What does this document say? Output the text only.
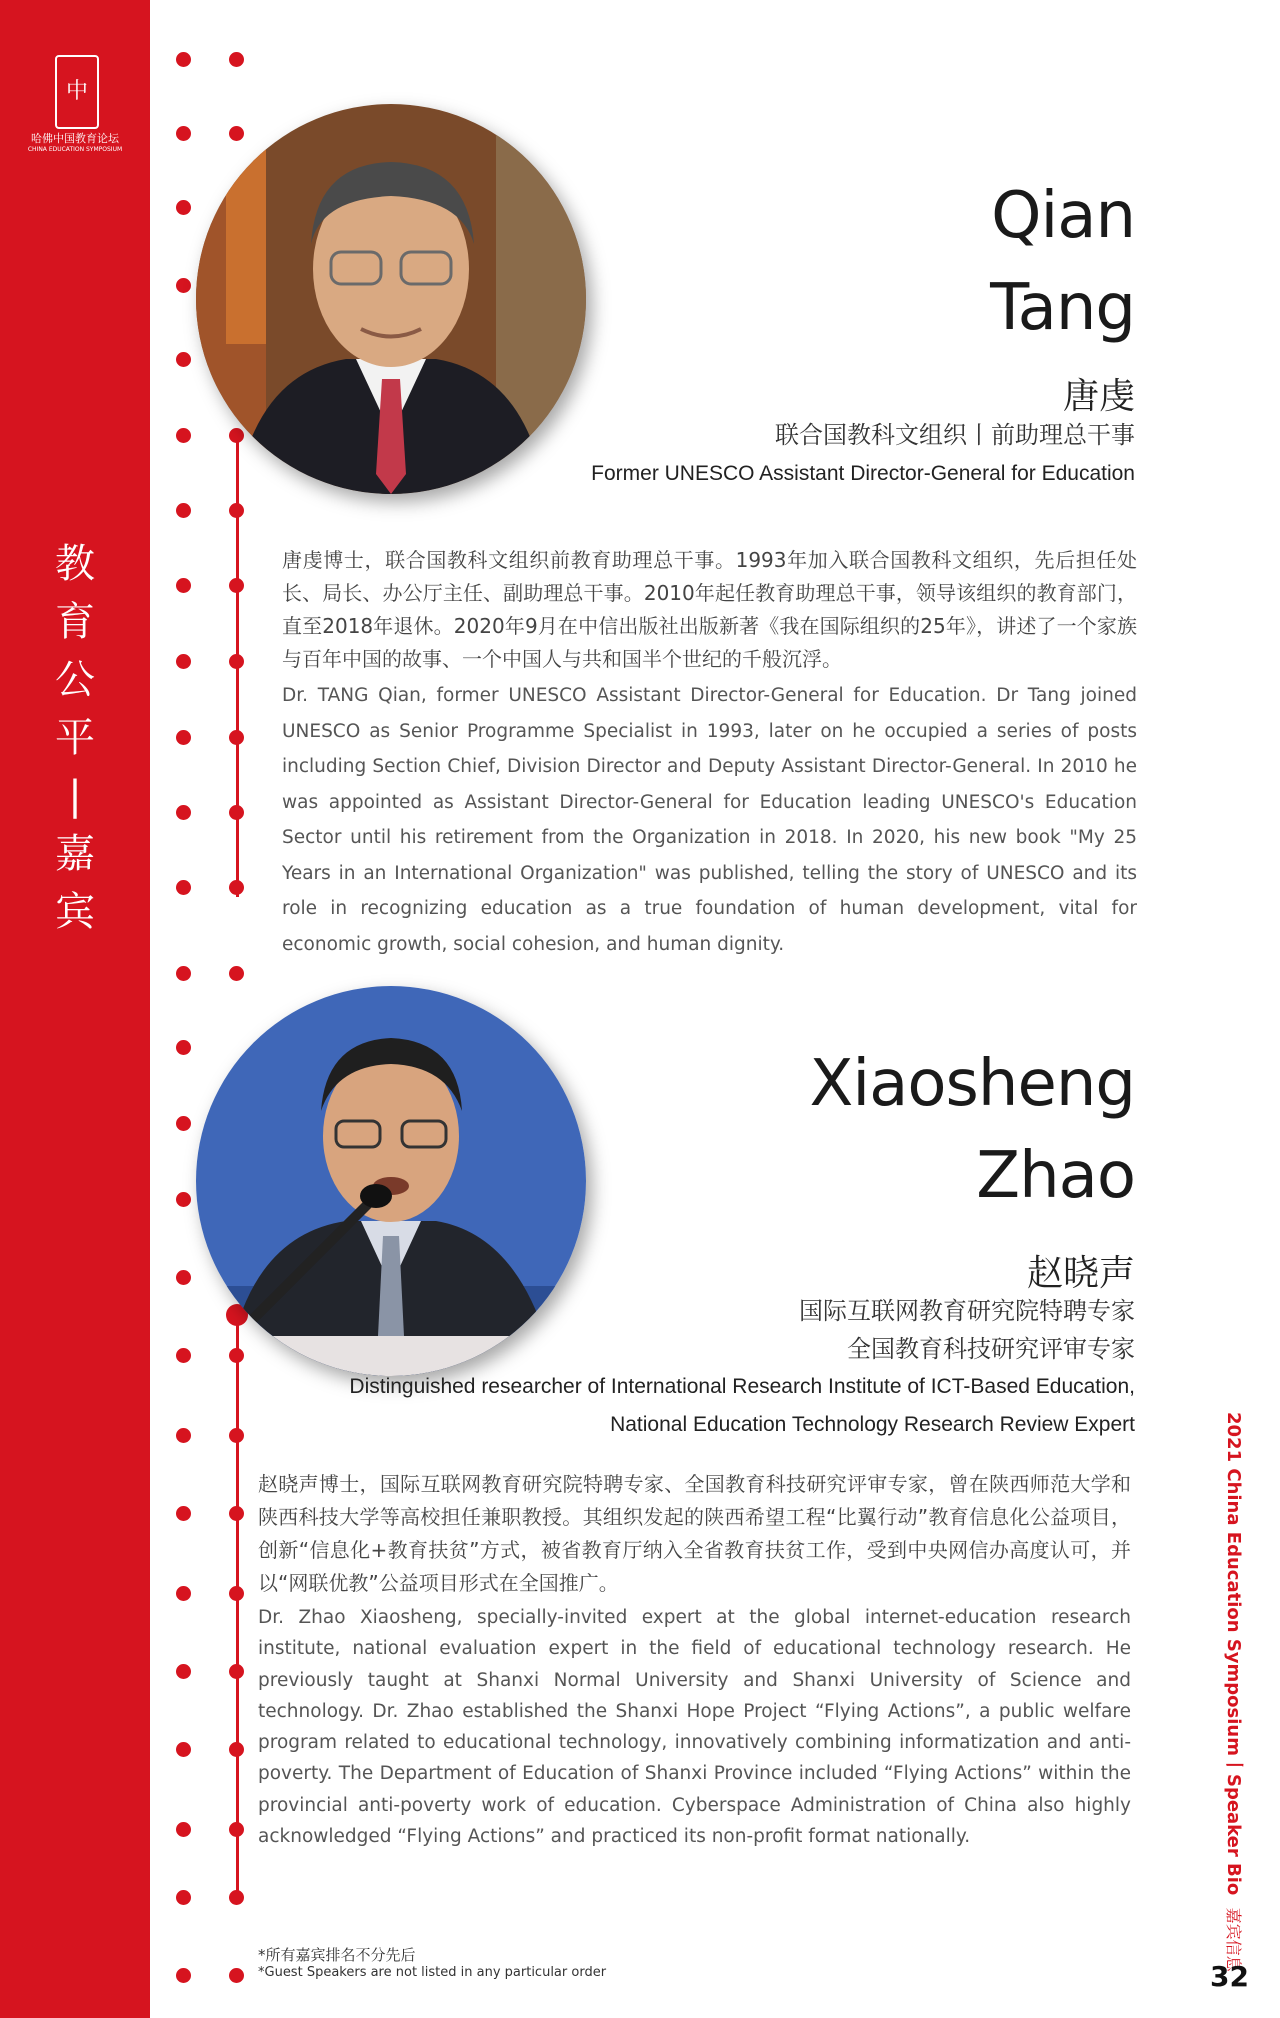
中
哈佛中国教育论坛
CHINA EDUCATION SYMPOSIUM
教
育
公
平
|
嘉
宾
Qian
Tang
唐虔
联合国教科文组织丨前助理总干事
Former UNESCO Assistant Director-General for Education
唐虔博士，联合国教科文组织前教育助理总干事。1993年加入联合国教科文组织，先后担任处长、局长、办公厅主任、副助理总干事。2010年起任教育助理总干事，领导该组织的教育部门，直至2018年退休。2020年9月在中信出版社出版新著《我在国际组织的25年》，讲述了一个家族与百年中国的故事、一个中国人与共和国半个世纪的千般沉浮。
Dr. TANG Qian, former UNESCO Assistant Director-General for Education. Dr Tang joined UNESCO as Senior Programme Specialist in 1993, later on he occupied a series of posts including Section Chief, Division Director and Deputy Assistant Director-General. In 2010 he was appointed as Assistant Director-General for Education leading UNESCO's Education Sector until his retirement from the Organization in 2018. In 2020, his new book "My 25 Years in an International Organization" was published, telling the story of UNESCO and its role in recognizing education as a true foundation of human development, vital for economic growth, social cohesion, and human dignity.
Xiaosheng
Zhao
赵晓声
国际互联网教育研究院特聘专家
全国教育科技研究评审专家
Distinguished researcher of International Research Institute of ICT-Based Education,
National Education Technology Research Review Expert
赵晓声博士，国际互联网教育研究院特聘专家、全国教育科技研究评审专家，曾在陕西师范大学和陕西科技大学等高校担任兼职教授。其组织发起的陕西希望工程“比翼行动”教育信息化公益项目，创新“信息化+教育扶贫”方式，被省教育厅纳入全省教育扶贫工作，受到中央网信办高度认可，并以“网联优教”公益项目形式在全国推广。
Dr. Zhao Xiaosheng, specially-invited expert at the global internet-education research institute, national evaluation expert in the field of educational technology research. He previously taught at Shanxi Normal University and Shanxi University of Science and technology. Dr. Zhao established the Shanxi Hope Project “Flying Actions”, a public welfare program related to educational technology, innovatively combining informatization and anti-poverty. The Department of Education of Shanxi Province included “Flying Actions” within the provincial anti-poverty work of education. Cyberspace Administration of China also highly acknowledged “Flying Actions” and practiced its non-profit format nationally.
*所有嘉宾排名不分先后
*Guest Speakers are not listed in any particular order
2021 China Education Symposium丨Speaker Bio 嘉宾信息
32
